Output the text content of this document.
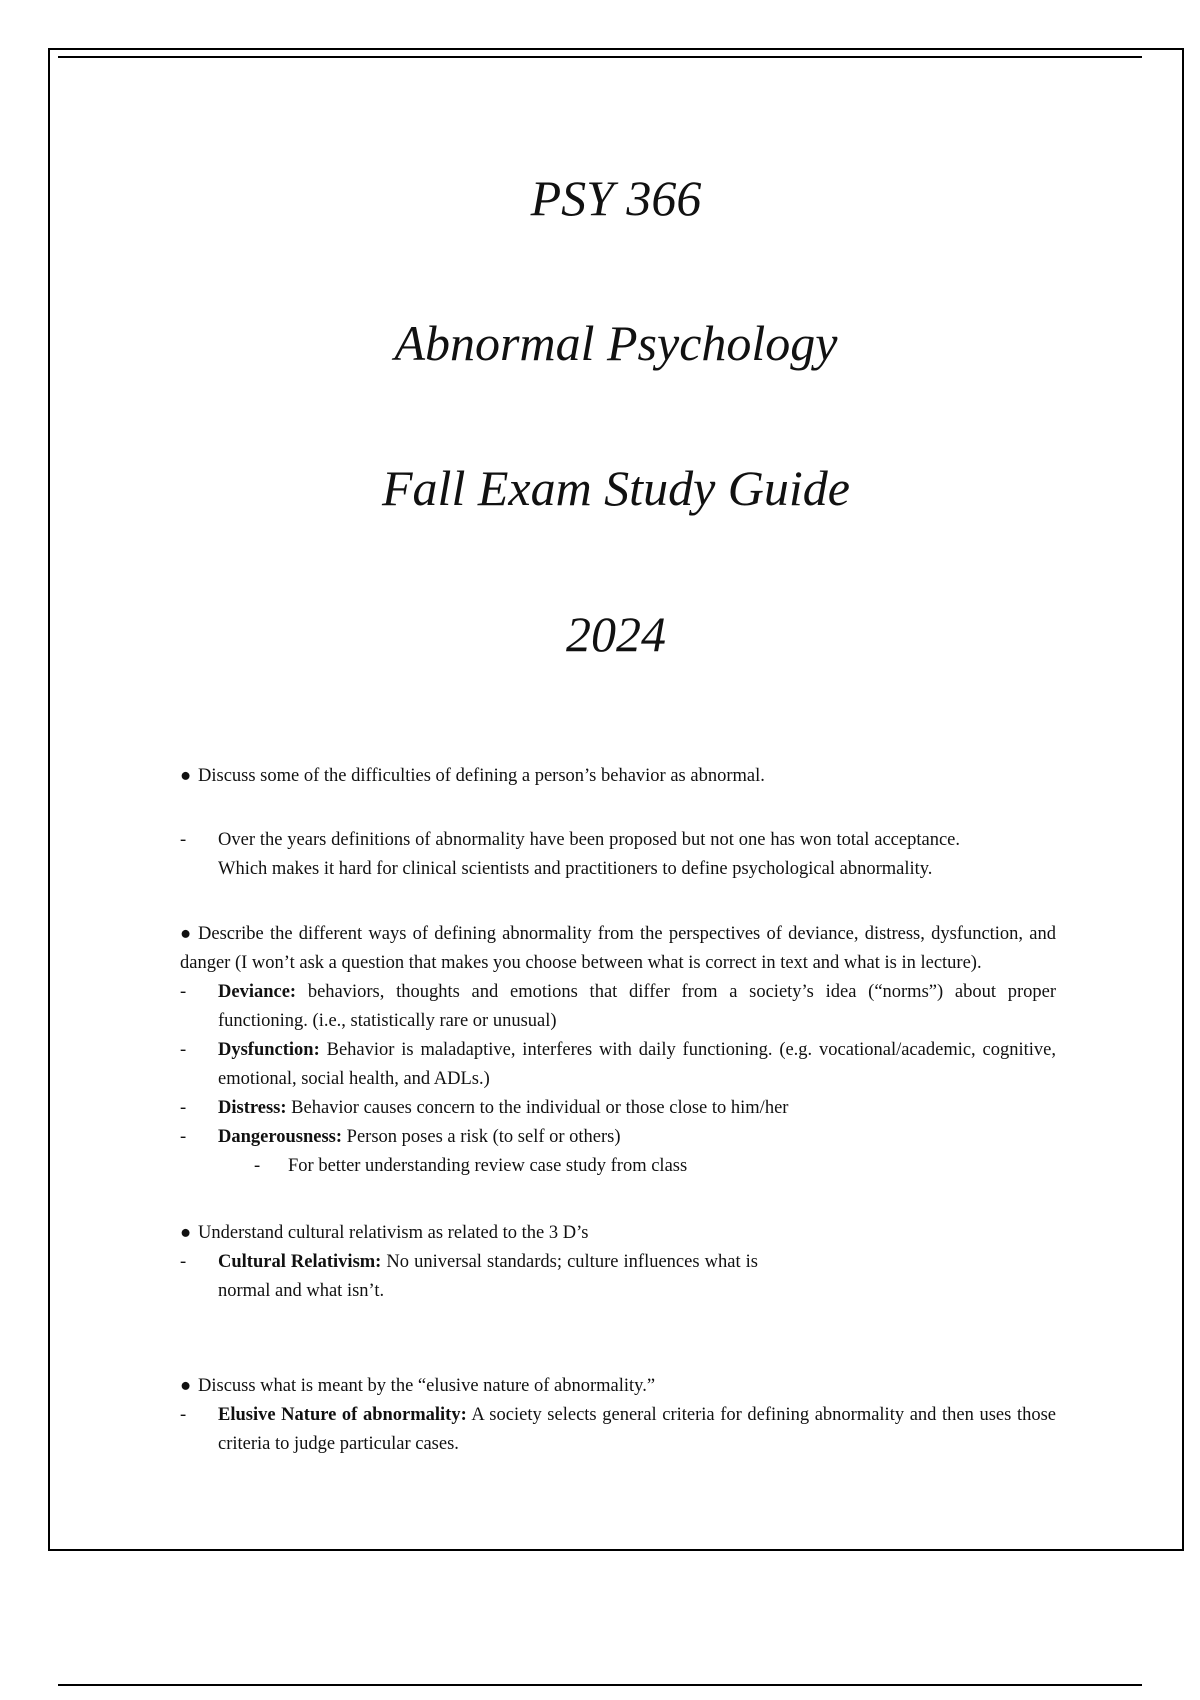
PSY 366
Abnormal Psychology
Fall Exam Study Guide
2024

● Discuss some of the difficulties of defining a person’s behavior as abnormal.

- Over the years definitions of abnormality have been proposed but not one has won total acceptance. Which makes it hard for clinical scientists and practitioners to define psychological abnormality.

● Describe the different ways of defining abnormality from the perspectives of deviance, distress, dysfunction, and danger (I won’t ask a question that makes you choose between what is correct in text and what is in lecture).

- Deviance: behaviors, thoughts and emotions that differ from a society’s idea (“norms”) about proper functioning. (i.e., statistically rare or unusual)

- Dysfunction: Behavior is maladaptive, interferes with daily functioning. (e.g. vocational/academic, cognitive, emotional, social health, and ADLs.)

- Distress: Behavior causes concern to the individual or those close to him/her

- Dangerousness: Person poses a risk (to self or others)

- For better understanding review case study from class

● Understand cultural relativism as related to the 3 D’s

- Cultural Relativism: No universal standards; culture influences what is normal and what isn’t.

● Discuss what is meant by the “elusive nature of abnormality.”

- Elusive Nature of abnormality: A society selects general criteria for defining abnormality and then uses those criteria to judge particular cases.
